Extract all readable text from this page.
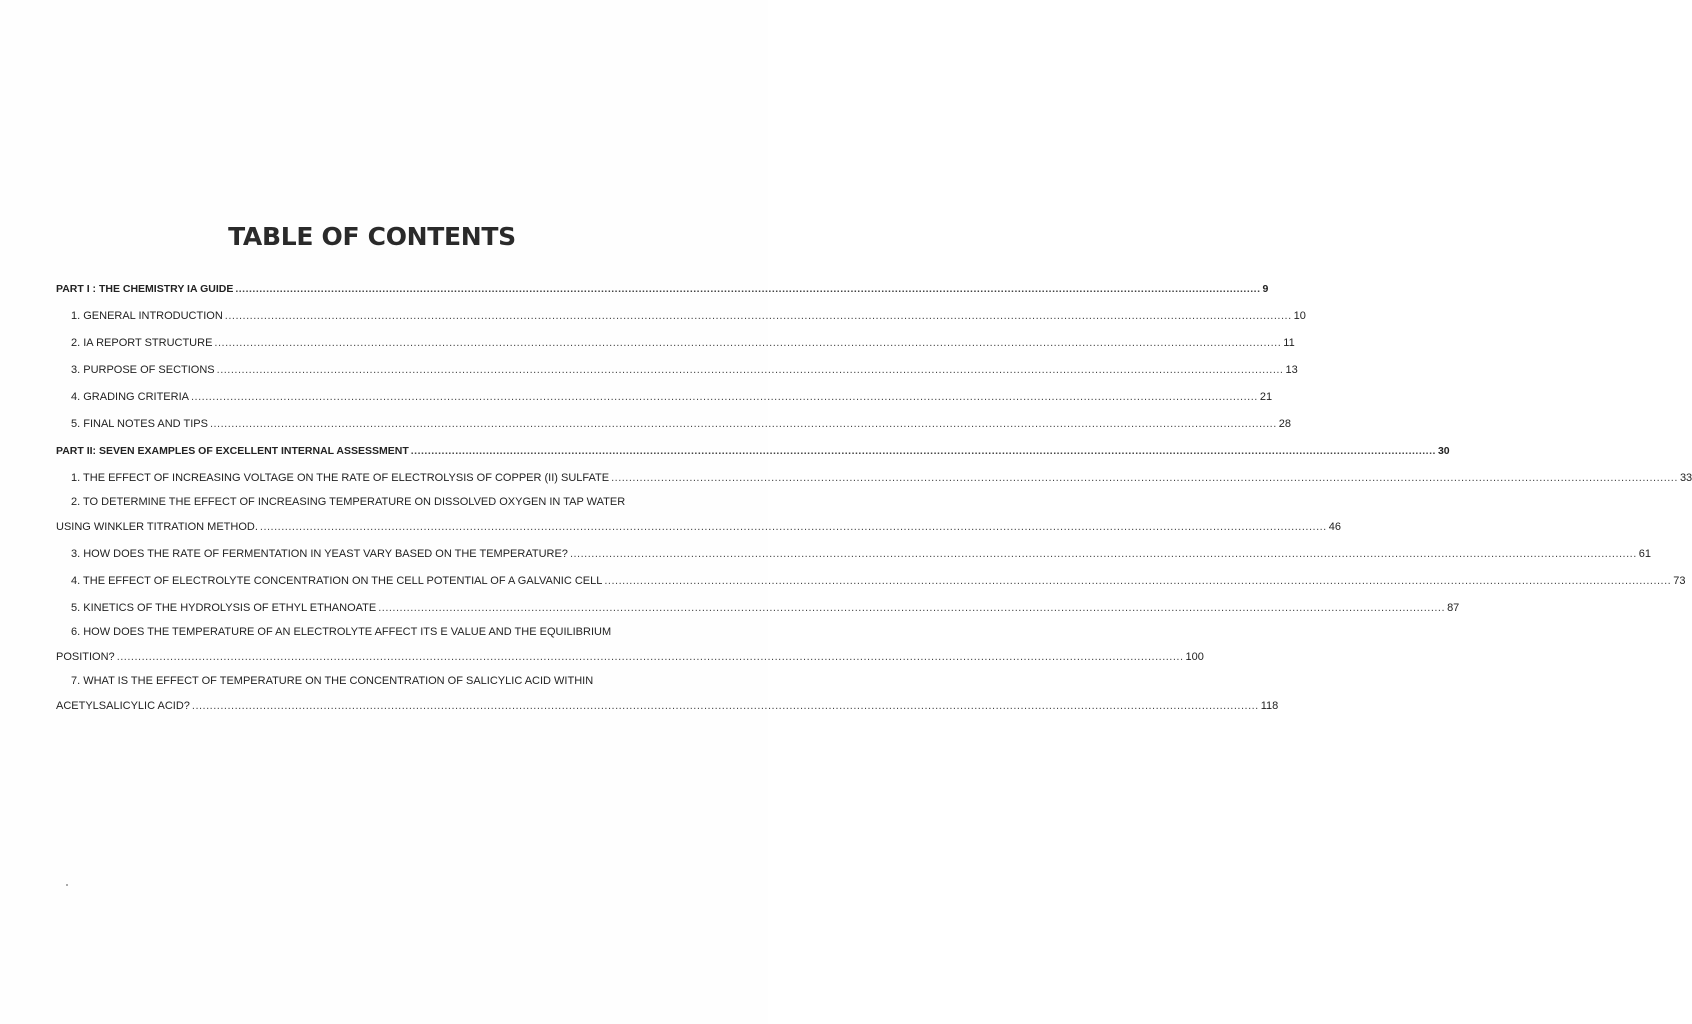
TABLE OF CONTENTS
PART I : THE CHEMISTRY IA GUIDE ............................................................................................................................................................................................................................................................................................................ 9
1. GENERAL INTRODUCTION ............................................................................................................................................................................................................................................................................................................ 10
2. IA REPORT STRUCTURE ............................................................................................................................................................................................................................................................................................................ 11
3. PURPOSE OF SECTIONS ............................................................................................................................................................................................................................................................................................................ 13
4. GRADING CRITERIA ............................................................................................................................................................................................................................................................................................................ 21
5. FINAL NOTES AND TIPS ............................................................................................................................................................................................................................................................................................................ 28
PART II: SEVEN EXAMPLES OF EXCELLENT INTERNAL ASSESSMENT ............................................................................................................................................................................................................................................................................................................ 30
1. THE EFFECT OF INCREASING VOLTAGE ON THE RATE OF ELECTROLYSIS OF COPPER (II) SULFATE ............................................................................................................................................................................................................................................................................................................ 33
2. TO DETERMINE THE EFFECT OF INCREASING TEMPERATURE ON DISSOLVED OXYGEN IN TAP WATER
USING WINKLER TITRATION METHOD. ............................................................................................................................................................................................................................................................................................................ 46
3. HOW DOES THE RATE OF FERMENTATION IN YEAST VARY BASED ON THE TEMPERATURE? ............................................................................................................................................................................................................................................................................................................ 61
4. THE EFFECT OF ELECTROLYTE CONCENTRATION ON THE CELL POTENTIAL OF A GALVANIC CELL ............................................................................................................................................................................................................................................................................................................ 73
5. KINETICS OF THE HYDROLYSIS OF ETHYL ETHANOATE ............................................................................................................................................................................................................................................................................................................ 87
6. HOW DOES THE TEMPERATURE OF AN ELECTROLYTE AFFECT ITS E VALUE AND THE EQUILIBRIUM
POSITION? ............................................................................................................................................................................................................................................................................................................ 100
7. WHAT IS THE EFFECT OF TEMPERATURE ON THE CONCENTRATION OF SALICYLIC ACID WITHIN
ACETYLSALICYLIC ACID? ............................................................................................................................................................................................................................................................................................................ 118
